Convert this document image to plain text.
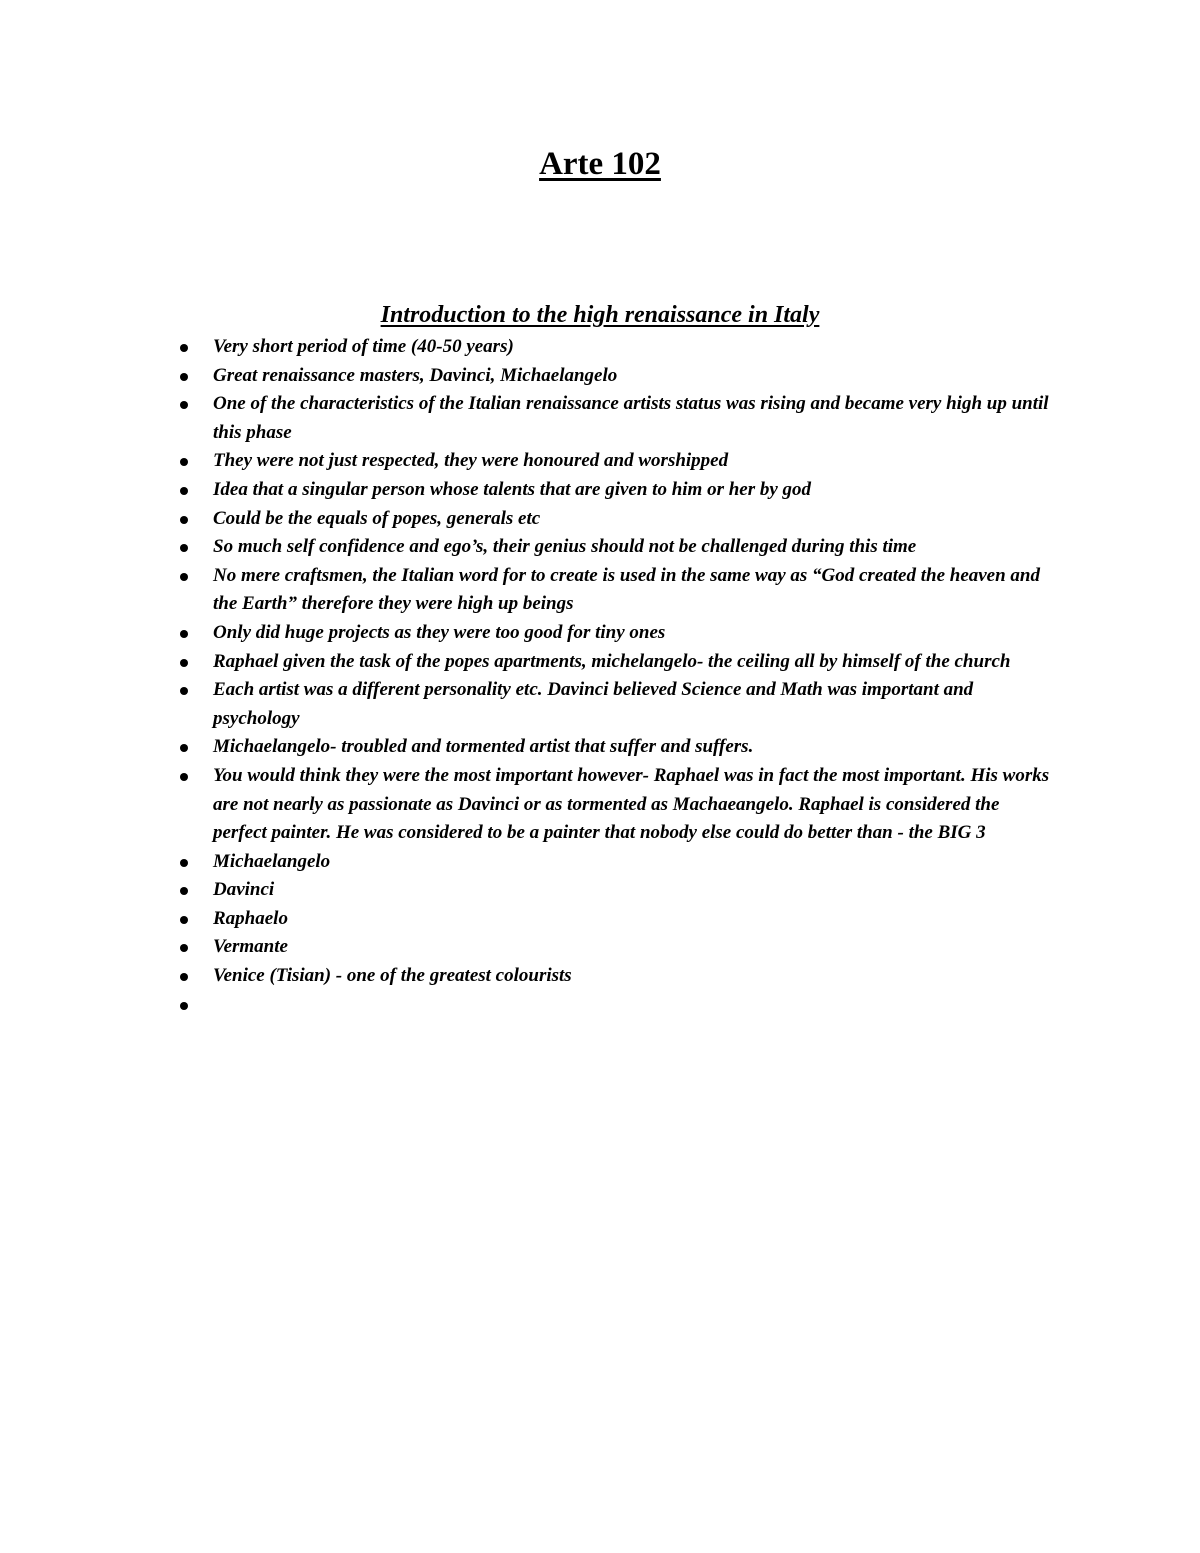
Arte 102
Introduction to the high renaissance in Italy
Very short period of time (40-50 years)
Great renaissance masters, Davinci, Michaelangelo
One of the characteristics of the Italian renaissance artists status was rising and became very high up until this phase
They were not just respected, they were honoured and worshipped
Idea that a singular person whose talents that are given to him or her by god
Could be the equals of popes, generals etc
So much self confidence and ego’s, their genius should not be challenged during this time
No mere craftsmen, the Italian word for to create is used in the same way as “God created the heaven and the Earth” therefore they were high up beings
Only did huge projects as they were too good for tiny ones
Raphael given the task of the popes apartments, michelangelo- the ceiling all by himself of the church
Each artist was a different personality etc. Davinci believed Science and Math was important and psychology
Michaelangelo- troubled and tormented artist that suffer and suffers.
You would think they were the most important however- Raphael was in fact the most important. His works are not nearly as passionate as Davinci or as tormented as Machaeangelo. Raphael is considered the perfect painter. He was considered to be a painter that nobody else could do better than - the BIG 3
Michaelangelo
Davinci
Raphaelo
Vermante
Venice (Tisian) - one of the greatest colourists
